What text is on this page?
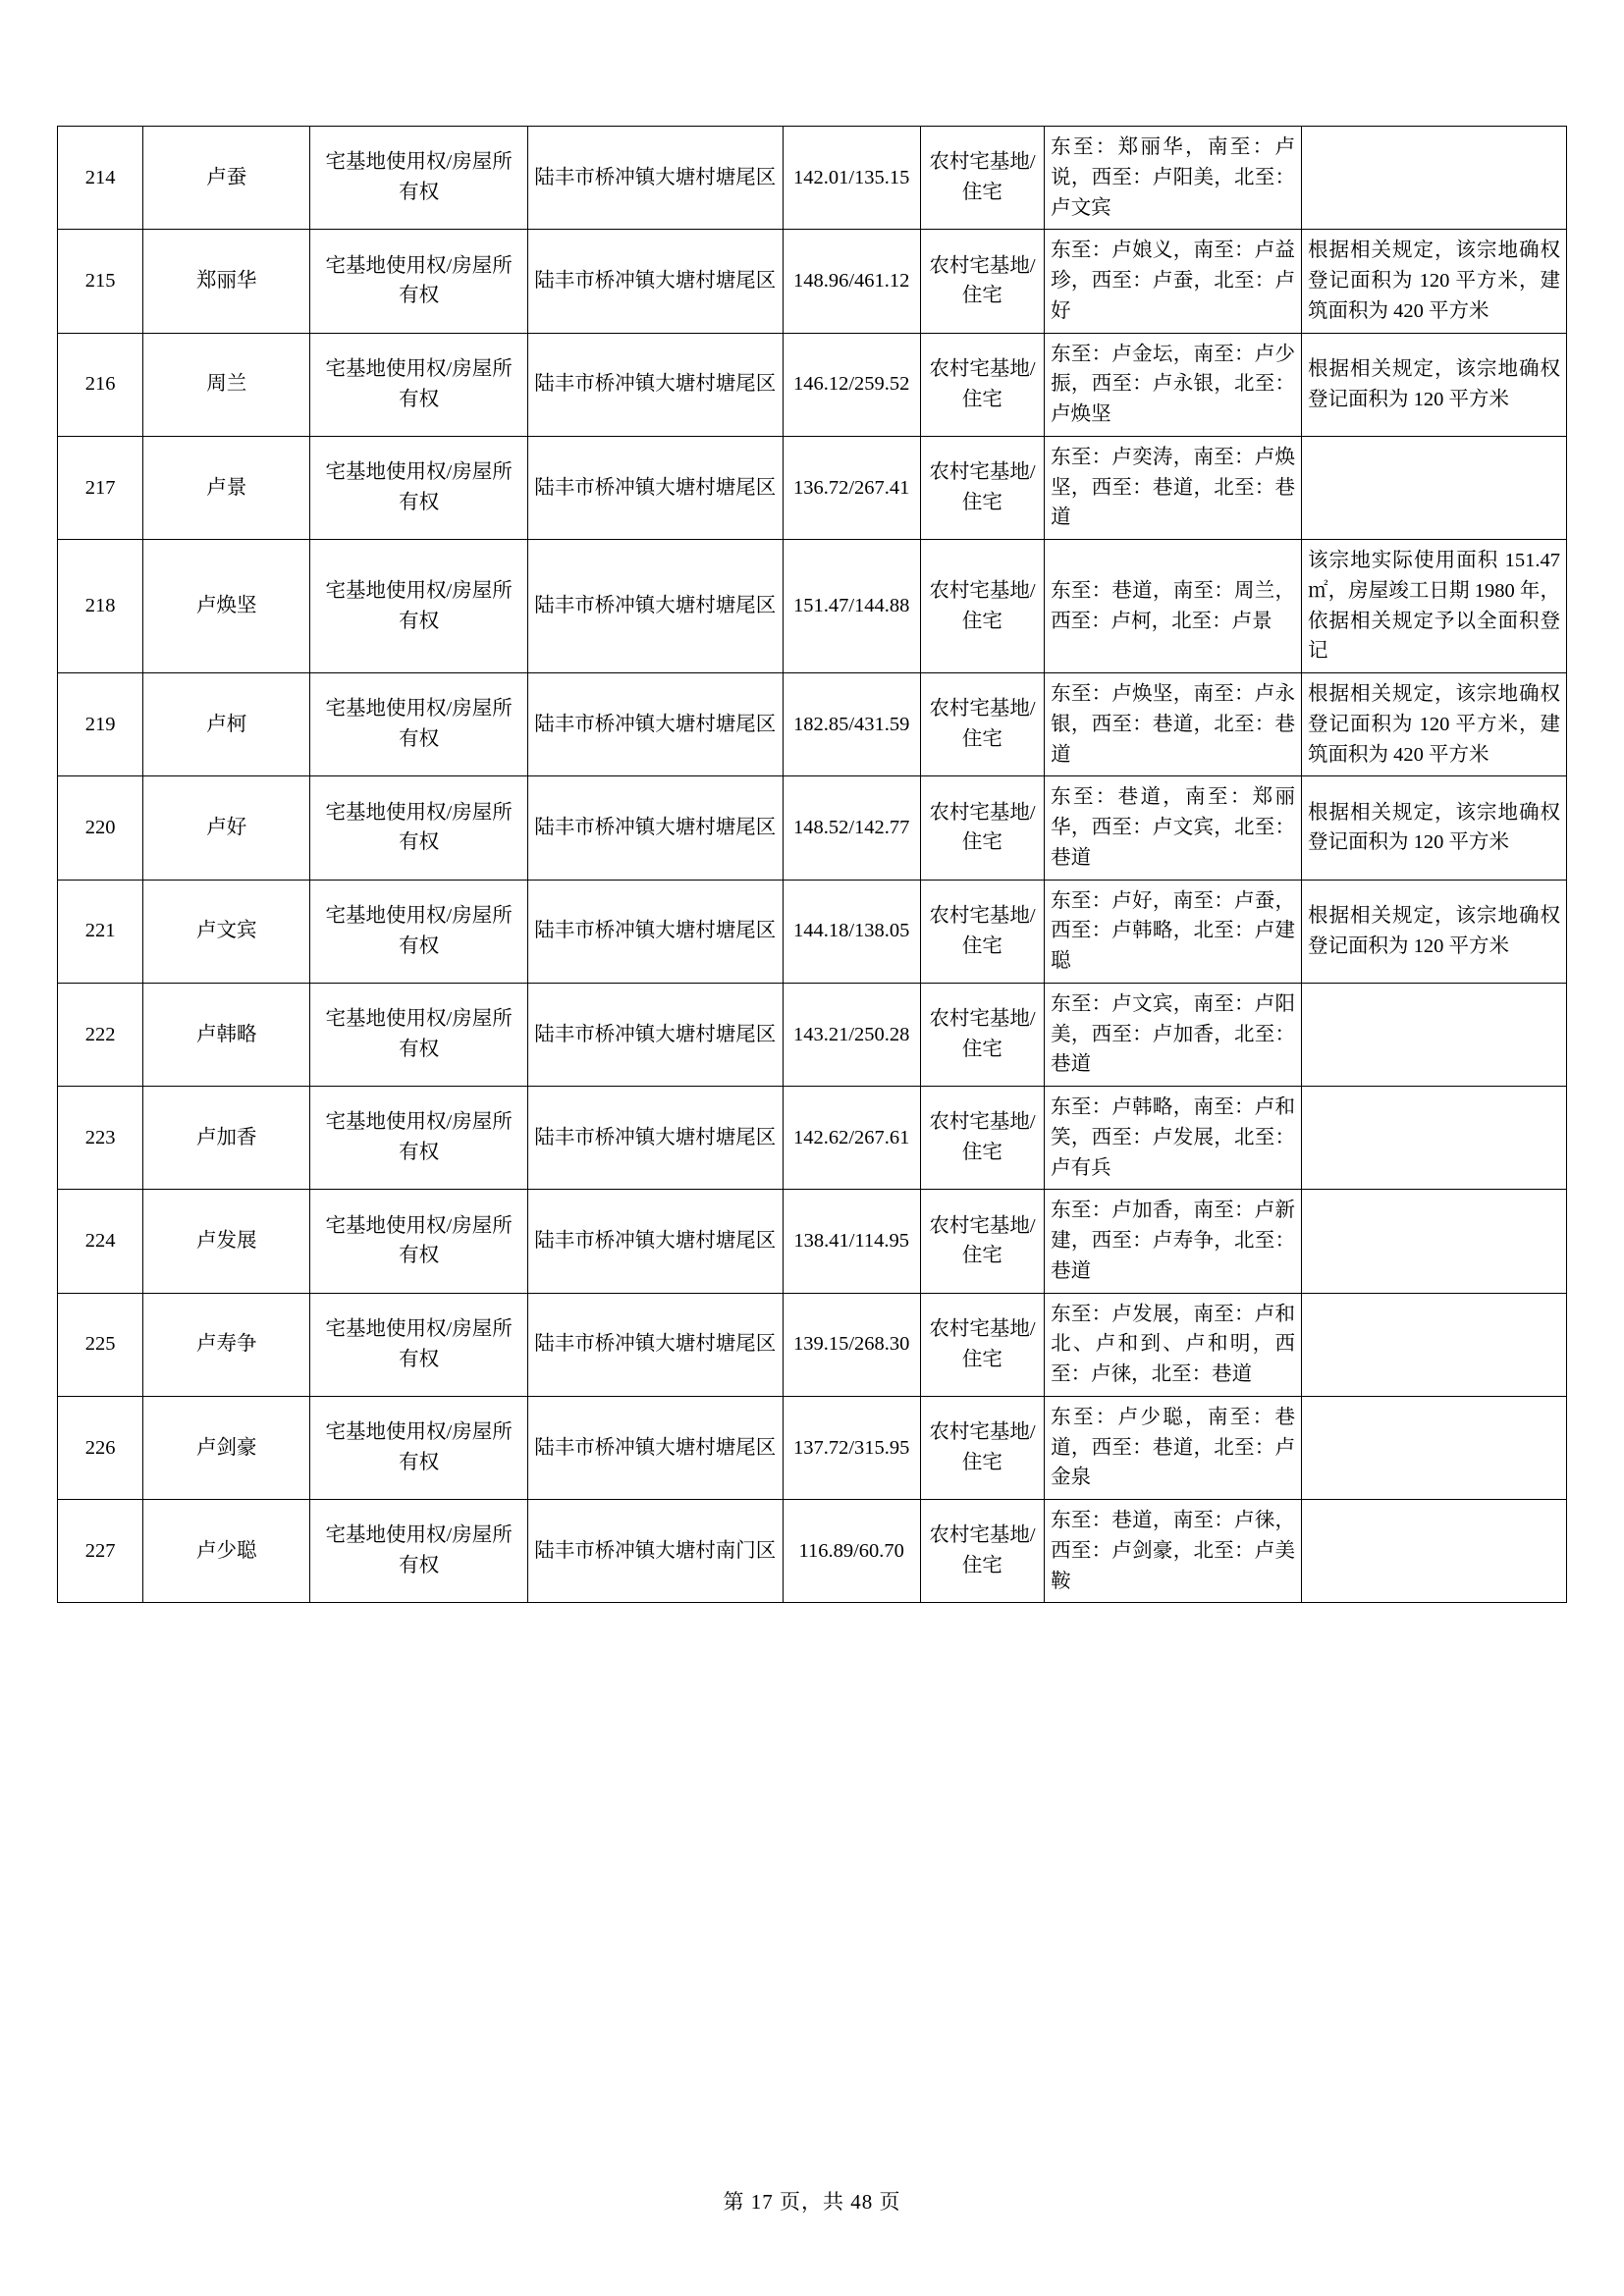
214	卢蚕	宅基地使用权/房屋所有权	陆丰市桥冲镇大塘村塘尾区	142.01/135.15	农村宅基地/住宅	东至：郑丽华，南至：卢说，西至：卢阳美，北至：卢文宾	
215	郑丽华	宅基地使用权/房屋所有权	陆丰市桥冲镇大塘村塘尾区	148.96/461.12	农村宅基地/住宅	东至：卢娘义，南至：卢益珍，西至：卢蚕，北至：卢好	根据相关规定，该宗地确权登记面积为 120 平方米，建筑面积为 420 平方米
216	周兰	宅基地使用权/房屋所有权	陆丰市桥冲镇大塘村塘尾区	146.12/259.52	农村宅基地/住宅	东至：卢金坛，南至：卢少振，西至：卢永银，北至：卢焕坚	根据相关规定，该宗地确权登记面积为 120 平方米
217	卢景	宅基地使用权/房屋所有权	陆丰市桥冲镇大塘村塘尾区	136.72/267.41	农村宅基地/住宅	东至：卢奕涛，南至：卢焕坚，西至：巷道，北至：巷道	
218	卢焕坚	宅基地使用权/房屋所有权	陆丰市桥冲镇大塘村塘尾区	151.47/144.88	农村宅基地/住宅	东至：巷道，南至：周兰，西至：卢柯，北至：卢景	该宗地实际使用面积 151.47㎡，房屋竣工日期 1980 年，依据相关规定予以全面积登记
219	卢柯	宅基地使用权/房屋所有权	陆丰市桥冲镇大塘村塘尾区	182.85/431.59	农村宅基地/住宅	东至：卢焕坚，南至：卢永银，西至：巷道，北至：巷道	根据相关规定，该宗地确权登记面积为 120 平方米，建筑面积为 420 平方米
220	卢好	宅基地使用权/房屋所有权	陆丰市桥冲镇大塘村塘尾区	148.52/142.77	农村宅基地/住宅	东至：巷道，南至：郑丽华，西至：卢文宾，北至：巷道	根据相关规定，该宗地确权登记面积为 120 平方米
221	卢文宾	宅基地使用权/房屋所有权	陆丰市桥冲镇大塘村塘尾区	144.18/138.05	农村宅基地/住宅	东至：卢好，南至：卢蚕，西至：卢韩略，北至：卢建聪	根据相关规定，该宗地确权登记面积为 120 平方米
222	卢韩略	宅基地使用权/房屋所有权	陆丰市桥冲镇大塘村塘尾区	143.21/250.28	农村宅基地/住宅	东至：卢文宾，南至：卢阳美，西至：卢加香，北至：巷道	
223	卢加香	宅基地使用权/房屋所有权	陆丰市桥冲镇大塘村塘尾区	142.62/267.61	农村宅基地/住宅	东至：卢韩略，南至：卢和笑，西至：卢发展，北至：卢有兵	
224	卢发展	宅基地使用权/房屋所有权	陆丰市桥冲镇大塘村塘尾区	138.41/114.95	农村宅基地/住宅	东至：卢加香，南至：卢新建，西至：卢寿争，北至：巷道	
225	卢寿争	宅基地使用权/房屋所有权	陆丰市桥冲镇大塘村塘尾区	139.15/268.30	农村宅基地/住宅	东至：卢发展，南至：卢和北、卢和到、卢和明，西至：卢徕，北至：巷道	
226	卢剑豪	宅基地使用权/房屋所有权	陆丰市桥冲镇大塘村塘尾区	137.72/315.95	农村宅基地/住宅	东至：卢少聪，南至：巷道，西至：巷道，北至：卢金泉	
227	卢少聪	宅基地使用权/房屋所有权	陆丰市桥冲镇大塘村南门区	116.89/60.70	农村宅基地/住宅	东至：巷道，南至：卢徕，西至：卢剑豪，北至：卢美鞍	
第 17 页，共 48 页
